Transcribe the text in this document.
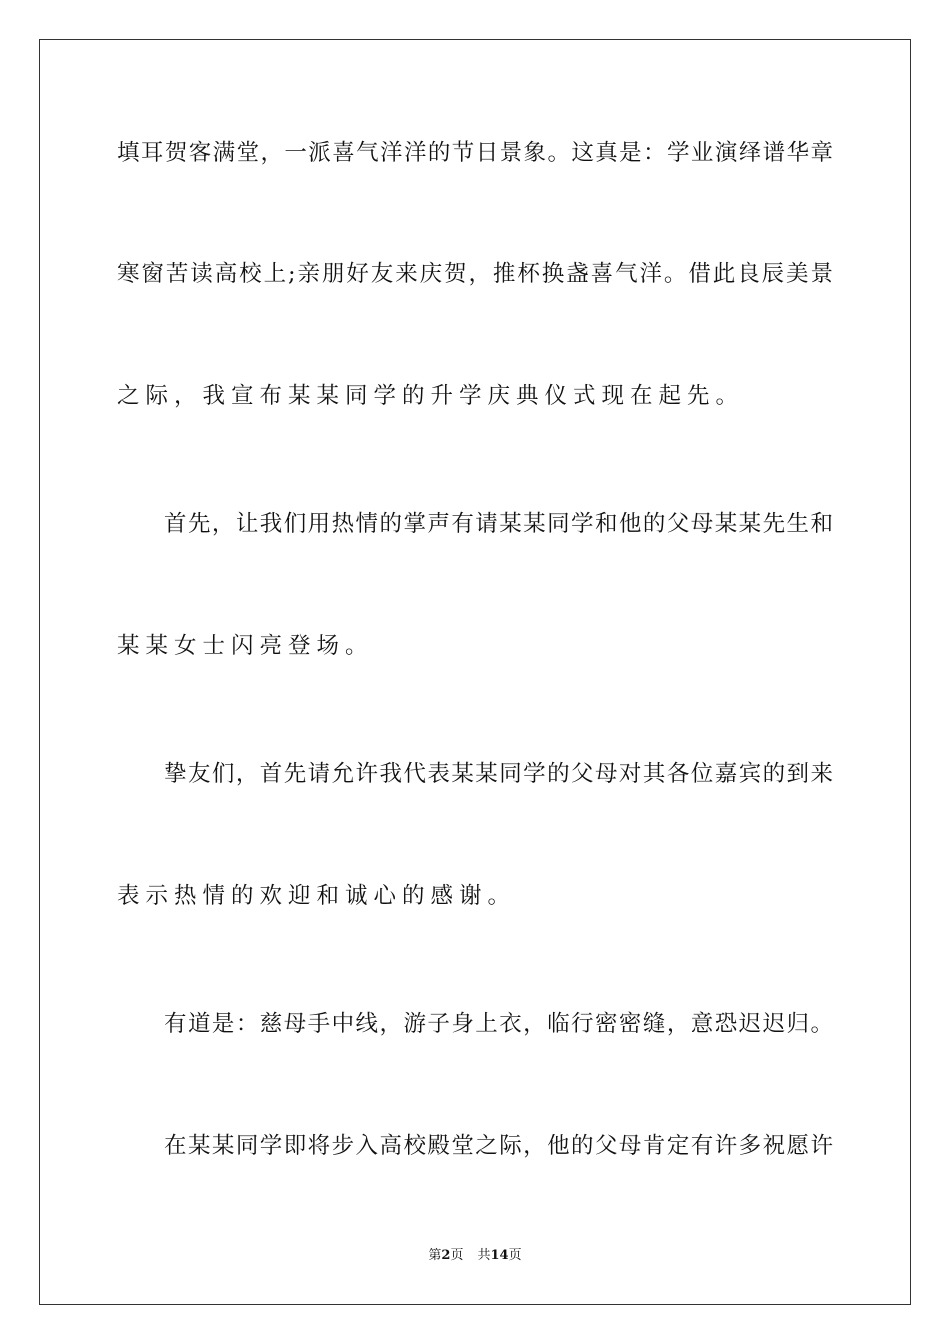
填耳贺客满堂，一派喜气洋洋的节日景象。这真是：学业演绎谱华章
寒窗苦读高校上;亲朋好友来庆贺，推杯换盏喜气洋。借此良辰美景
之际，我宣布某某同学的升学庆典仪式现在起先。
首先，让我们用热情的掌声有请某某同学和他的父母某某先生和
某某女士闪亮登场。
挚友们，首先请允许我代表某某同学的父母对其各位嘉宾的到来
表示热情的欢迎和诚心的感谢。
有道是：慈母手中线，游子身上衣，临行密密缝，意恐迟迟归。
在某某同学即将步入高校殿堂之际，他的父母肯定有许多祝愿许
第2页 共14页
